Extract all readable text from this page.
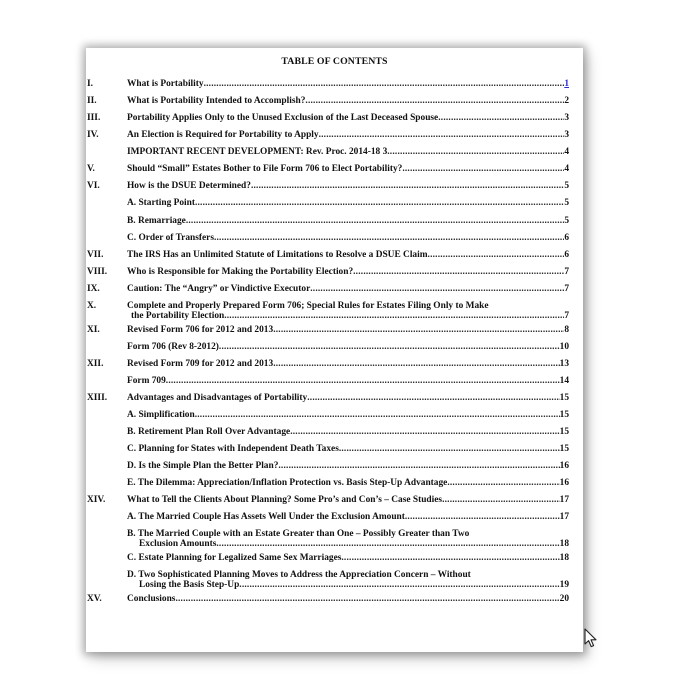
TABLE OF CONTENTS
I.	What is Portability .....	1
II.	What is Portability Intended to Accomplish? .....	2
III.	Portability Applies Only to the Unused Exclusion of the Last Deceased Spouse .....	3
IV.	An Election is Required for Portability to Apply .....	3
IMPORTANT RECENT DEVELOPMENT: Rev. Proc. 2014-18 3 .....	4
V.	Should “Small” Estates Bother to File Form 706 to Elect Portability? .....	4
VI.	How is the DSUE Determined? .....	5
A. Starting Point .....	5
B. Remarriage .....	5
C. Order of Transfers .....	6
VII.	The IRS Has an Unlimited Statute of Limitations to Resolve a DSUE Claim .....	6
VIII. Who is Responsible for Making the Portability Election? .....	7
IX.	Caution: The “Angry” or Vindictive Executor .....	7
X.	Complete and Properly Prepared Form 706; Special Rules for Estates Filing Only to Make
the Portability Election .....	7
XI.	Revised Form 706 for 2012 and 2013 .....	8
Form 706 (Rev 8-2012) .....	10
XII.	Revised Form 709 for 2012 and 2013 .....	13
Form 709 .....	14
XIII. Advantages and Disadvantages of Portability .....	15
A. Simplification .....	15
B. Retirement Plan Roll Over Advantage .....	15
C. Planning for States with Independent Death Taxes .....	15
D. Is the Simple Plan the Better Plan? .....	16
E. The Dilemma: Appreciation/Inflation Protection vs. Basis Step-Up Advantage .....	16
XIV. What to Tell the Clients About Planning? Some Pro’s and Con’s – Case Studies .....	17
A. The Married Couple Has Assets Well Under the Exclusion Amount .....	17
B. The Married Couple with an Estate Greater than One – Possibly Greater than Two
Exclusion Amounts .....	18
C. Estate Planning for Legalized Same Sex Marriages .....	18
D. Two Sophisticated Planning Moves to Address the Appreciation Concern – Without
Losing the Basis Step-Up .....	19
XV.	Conclusions .....	20
